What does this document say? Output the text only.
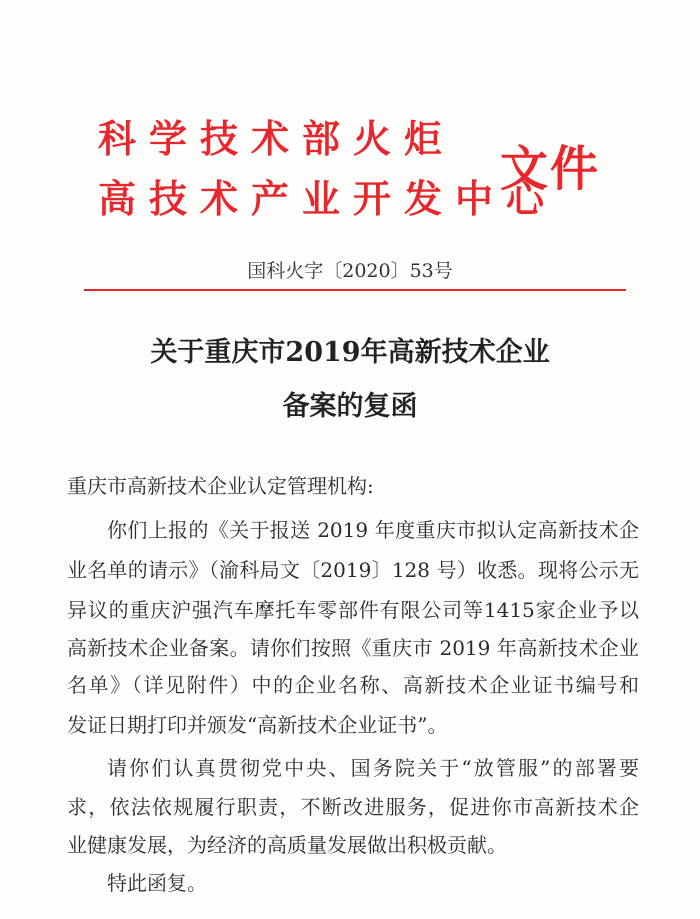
科学技术部火炬
高技术产业开发中心
文件
国科火字〔2020〕53号
关于重庆市2019年高新技术企业
备案的复函
重庆市高新技术企业认定管理机构:
你们上报的《关于报送 2019 年度重庆市拟认定高新技术企
业名单的请示》（渝科局文〔2019〕128 号）收悉。现将公示无
异议的重庆沪强汽车摩托车零部件有限公司等1415家企业予以
高新技术企业备案。请你们按照《重庆市 2019 年高新技术企业
名单》（详见附件）中的企业名称、高新技术企业证书编号和
发证日期打印并颁发“高新技术企业证书”。
请你们认真贯彻党中央、国务院关于“放管服”的部署要
求，依法依规履行职责，不断改进服务，促进你市高新技术企
业健康发展，为经济的高质量发展做出积极贡献。
特此函复。
